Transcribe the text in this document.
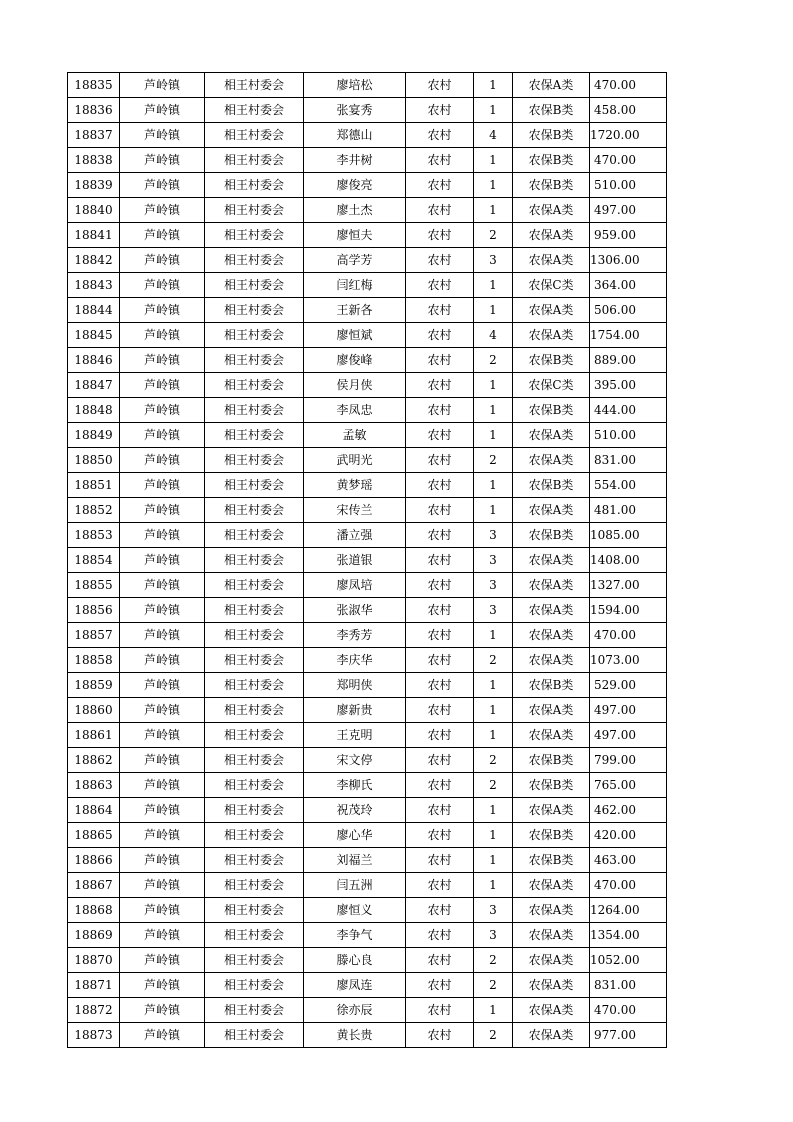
18835	芦岭镇	相王村委会	廖培松	农村	1	农保A类	470.00
18836	芦岭镇	相王村委会	张宴秀	农村	1	农保B类	458.00
18837	芦岭镇	相王村委会	郑德山	农村	4	农保B类	1720.00
18838	芦岭镇	相王村委会	李井树	农村	1	农保B类	470.00
18839	芦岭镇	相王村委会	廖俊亮	农村	1	农保B类	510.00
18840	芦岭镇	相王村委会	廖土杰	农村	1	农保A类	497.00
18841	芦岭镇	相王村委会	廖恒夫	农村	2	农保A类	959.00
18842	芦岭镇	相王村委会	高学芳	农村	3	农保A类	1306.00
18843	芦岭镇	相王村委会	闫红梅	农村	1	农保C类	364.00
18844	芦岭镇	相王村委会	王新各	农村	1	农保A类	506.00
18845	芦岭镇	相王村委会	廖恒斌	农村	4	农保A类	1754.00
18846	芦岭镇	相王村委会	廖俊峰	农村	2	农保B类	889.00
18847	芦岭镇	相王村委会	侯月侠	农村	1	农保C类	395.00
18848	芦岭镇	相王村委会	李凤忠	农村	1	农保B类	444.00
18849	芦岭镇	相王村委会	孟敏	农村	1	农保A类	510.00
18850	芦岭镇	相王村委会	武明光	农村	2	农保A类	831.00
18851	芦岭镇	相王村委会	黄梦瑶	农村	1	农保B类	554.00
18852	芦岭镇	相王村委会	宋传兰	农村	1	农保A类	481.00
18853	芦岭镇	相王村委会	潘立强	农村	3	农保B类	1085.00
18854	芦岭镇	相王村委会	张道银	农村	3	农保A类	1408.00
18855	芦岭镇	相王村委会	廖凤培	农村	3	农保A类	1327.00
18856	芦岭镇	相王村委会	张淑华	农村	3	农保A类	1594.00
18857	芦岭镇	相王村委会	李秀芳	农村	1	农保A类	470.00
18858	芦岭镇	相王村委会	李庆华	农村	2	农保A类	1073.00
18859	芦岭镇	相王村委会	郑明侠	农村	1	农保B类	529.00
18860	芦岭镇	相王村委会	廖新贵	农村	1	农保A类	497.00
18861	芦岭镇	相王村委会	王克明	农村	1	农保A类	497.00
18862	芦岭镇	相王村委会	宋文停	农村	2	农保B类	799.00
18863	芦岭镇	相王村委会	李柳氏	农村	2	农保B类	765.00
18864	芦岭镇	相王村委会	祝茂玲	农村	1	农保A类	462.00
18865	芦岭镇	相王村委会	廖心华	农村	1	农保B类	420.00
18866	芦岭镇	相王村委会	刘福兰	农村	1	农保B类	463.00
18867	芦岭镇	相王村委会	闫五洲	农村	1	农保A类	470.00
18868	芦岭镇	相王村委会	廖恒义	农村	3	农保A类	1264.00
18869	芦岭镇	相王村委会	李争气	农村	3	农保A类	1354.00
18870	芦岭镇	相王村委会	滕心良	农村	2	农保A类	1052.00
18871	芦岭镇	相王村委会	廖凤连	农村	2	农保A类	831.00
18872	芦岭镇	相王村委会	徐亦辰	农村	1	农保A类	470.00
18873	芦岭镇	相王村委会	黄长贵	农村	2	农保A类	977.00
